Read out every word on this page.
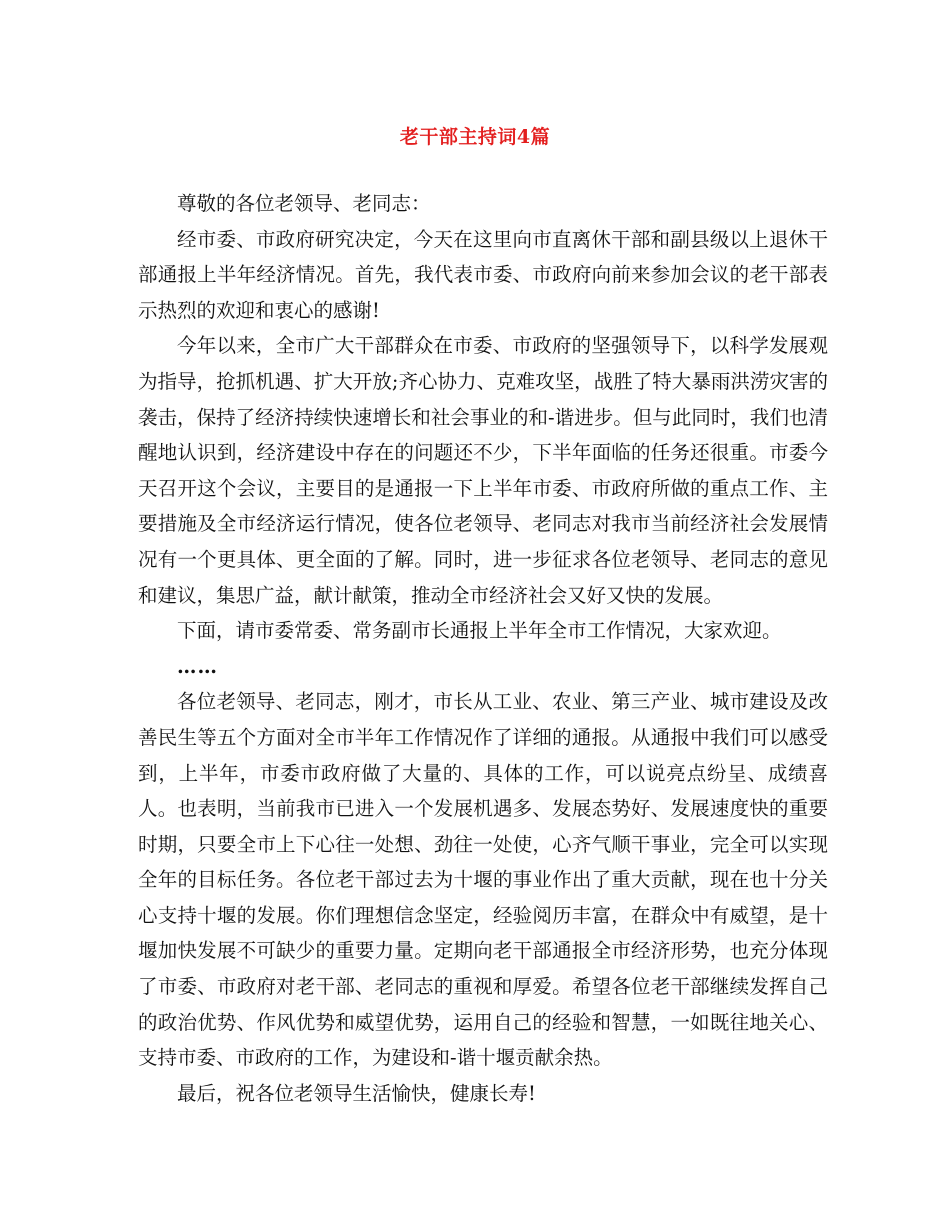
老干部主持词4篇

尊敬的各位老领导、老同志：

经市委、市政府研究决定，今天在这里向市直离休干部和副县级以上退休干部通报上半年经济情况。首先，我代表市委、市政府向前来参加会议的老干部表示热烈的欢迎和衷心的感谢!

今年以来，全市广大干部群众在市委、市政府的坚强领导下，以科学发展观为指导，抢抓机遇、扩大开放;齐心协力、克难攻坚，战胜了特大暴雨洪涝灾害的袭击，保持了经济持续快速增长和社会事业的和-谐进步。但与此同时，我们也清醒地认识到，经济建设中存在的问题还不少，下半年面临的任务还很重。市委今天召开这个会议，主要目的是通报一下上半年市委、市政府所做的重点工作、主要措施及全市经济运行情况，使各位老领导、老同志对我市当前经济社会发展情况有一个更具体、更全面的了解。同时，进一步征求各位老领导、老同志的意见和建议，集思广益，献计献策，推动全市经济社会又好又快的发展。

下面，请市委常委、常务副市长通报上半年全市工作情况，大家欢迎。

……

各位老领导、老同志，刚才，市长从工业、农业、第三产业、城市建设及改善民生等五个方面对全市半年工作情况作了详细的通报。从通报中我们可以感受到，上半年，市委市政府做了大量的、具体的工作，可以说亮点纷呈、成绩喜人。也表明，当前我市已进入一个发展机遇多、发展态势好、发展速度快的重要时期，只要全市上下心往一处想、劲往一处使，心齐气顺干事业，完全可以实现全年的目标任务。各位老干部过去为十堰的事业作出了重大贡献，现在也十分关心支持十堰的发展。你们理想信念坚定，经验阅历丰富，在群众中有威望，是十堰加快发展不可缺少的重要力量。定期向老干部通报全市经济形势，也充分体现了市委、市政府对老干部、老同志的重视和厚爱。希望各位老干部继续发挥自己的政治优势、作风优势和威望优势，运用自己的经验和智慧，一如既往地关心、支持市委、市政府的工作，为建设和-谐十堰贡献余热。

最后，祝各位老领导生活愉快，健康长寿!
